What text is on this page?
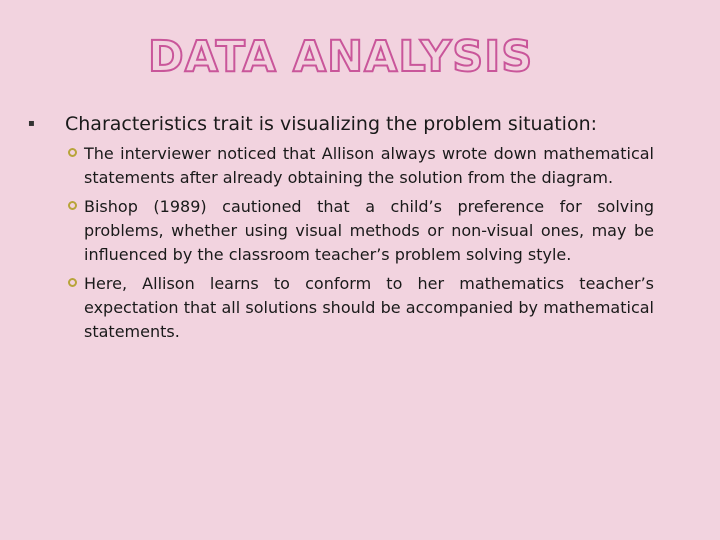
DATA ANALYSIS
▪	Characteristics trait is visualizing the problem situation:
The interviewer noticed that Allison always wrote down mathematical statements after already obtaining the solution from the diagram.
Bishop (1989) cautioned that a child’s preference for solving problems, whether using visual methods or non-visual ones, may be influenced by the classroom teacher’s problem solving style.
Here, Allison learns to conform to her mathematics teacher’s expectation that all solutions should be accompanied by mathematical statements.
